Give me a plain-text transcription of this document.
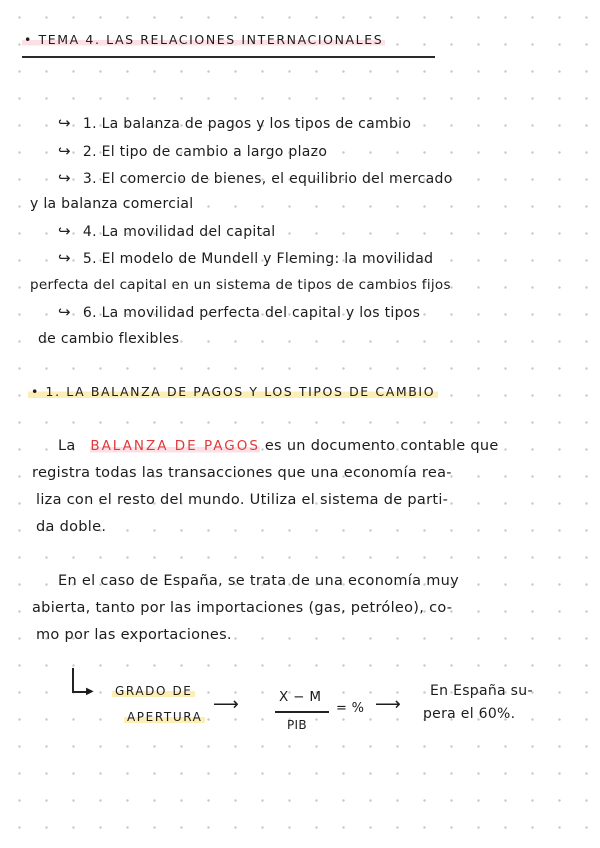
• TEMA 4. LAS RELACIONES INTERNACIONALES
↪ 1. La balanza de pagos y los tipos de cambio
↪ 2. El tipo de cambio a largo plazo
↪ 3. El comercio de bienes, el equilibrio del mercado
y la balanza comercial
↪ 4. La movilidad del capital
↪ 5. El modelo de Mundell y Fleming: la movilidad
perfecta del capital en un sistema de tipos de cambios fijos
↪ 6. La movilidad perfecta del capital y los tipos
de cambio flexibles
• 1. LA BALANZA DE PAGOS Y LOS TIPOS DE CAMBIO
La BALANZA DE PAGOS es un documento contable que
registra todas las transacciones que una economía rea-
liza con el resto del mundo. Utiliza el sistema de parti-
da doble.
En el caso de España, se trata de una economía muy
abierta, tanto por las importaciones (gas, petróleo), co-
mo por las exportaciones.
▶ GRADO DE
APERTURA
⟶	X − M
PIB
= % ⟶
En España su-
pera el 60%.
